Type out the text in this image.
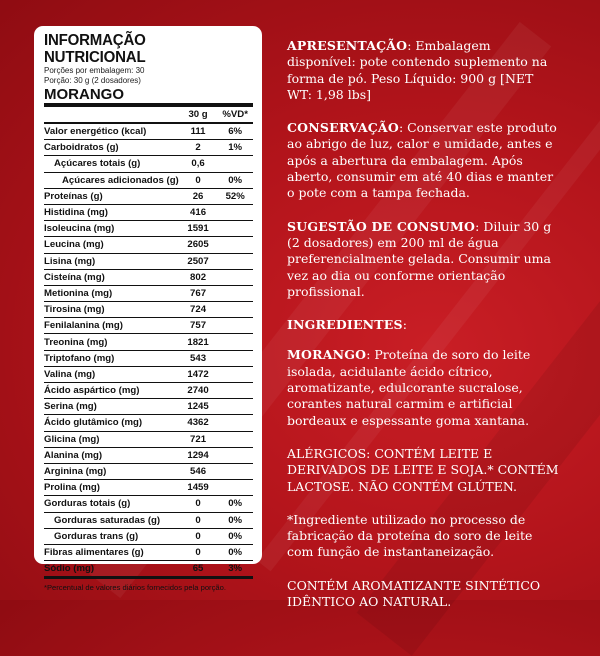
INFORMAÇÃO NUTRICIONAL
Porções por embalagem: 30
Porção: 30 g (2 dosadores)
MORANGO
	30 g	%VD*
Valor energético (kcal)	111	6%
Carboidratos (g)	2	1%
Açúcares totais (g)	0,6	
Açúcares adicionados (g)	0	0%
Proteínas (g)	26	52%
Histidina (mg)	416	
Isoleucina (mg)	1591	
Leucina (mg)	2605	
Lisina (mg)	2507	
Cisteína (mg)	802	
Metionina (mg)	767	
Tirosina (mg)	724	
Fenilalanina (mg)	757	
Treonina (mg)	1821	
Triptofano (mg)	543	
Valina (mg)	1472	
Ácido aspártico (mg)	2740	
Serina (mg)	1245	
Ácido glutâmico (mg)	4362	
Glicina (mg)	721	
Alanina (mg)	1294	
Arginina (mg)	546	
Prolina (mg)	1459	
Gorduras totais (g)	0	0%
Gorduras saturadas (g)	0	0%
Gorduras trans (g)	0	0%
Fibras alimentares (g)	0	0%
Sódio (mg)	65	3%
*Percentual de valores diários fornecidos pela porção.

APRESENTAÇÃO: Embalagem disponível: pote contendo suplemento na forma de pó. Peso Líquido: 900 g [NET WT: 1,98 lbs]

CONSERVAÇÃO: Conservar este produto ao abrigo de luz, calor e umidade, antes e após a abertura da embalagem. Após aberto, consumir em até 40 dias e manter o pote com a tampa fechada.

SUGESTÃO DE CONSUMO: Diluir 30 g (2 dosadores) em 200 ml de água preferencialmente gelada. Consumir uma vez ao dia ou conforme orientação profissional.

INGREDIENTES:

MORANGO: Proteína de soro do leite isolada, acidulante ácido cítrico, aromatizante, edulcorante sucralose, corantes natural carmim e artificial bordeaux e espessante goma xantana.

ALÉRGICOS: CONTÉM LEITE E DERIVADOS DE LEITE E SOJA.* CONTÉM LACTOSE. NÃO CONTÉM GLÚTEN.

*Ingrediente utilizado no processo de fabricação da proteína do soro de leite com função de instantaneização.

CONTÉM AROMATIZANTE SINTÉTICO IDÊNTICO AO NATURAL.
